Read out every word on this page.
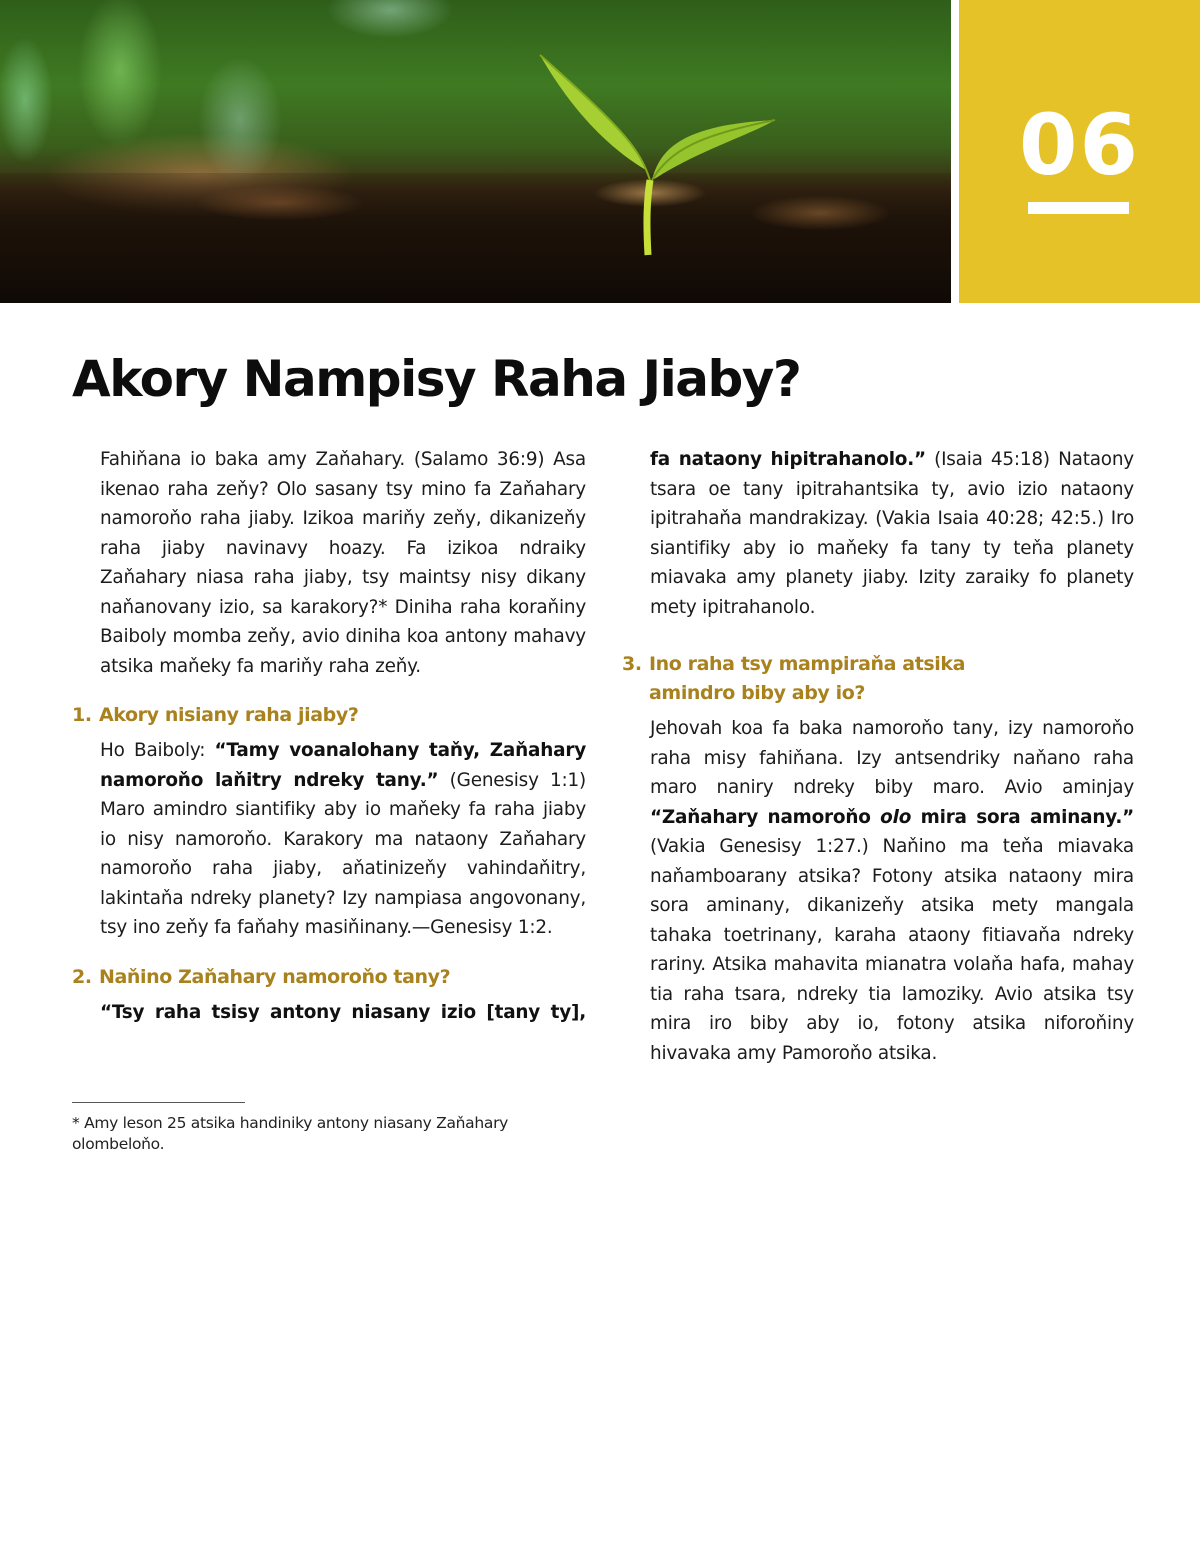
06
Akory Nampisy Raha Jiaby?

Fahiňana io baka amy Zaňahary. (Salamo 36:9) Asa ikenao raha zeňy? Olo sasany tsy mino fa Zaňahary namoroňo raha jiaby. Izikoa mariňy zeňy, dikanizeňy raha jiaby navinavy hoazy. Fa izikoa ndraiky Zaňahary niasa raha jiaby, tsy maintsy nisy dikany naňanovany izio, sa karakory?* Diniha raha koraňiny Baiboly momba zeňy, avio diniha koa antony mahavy atsika maňeky fa mariňy raha zeňy.

1. Akory nisiany raha jiaby?

Ho Baiboly: “Tamy voanalohany taňy, Zaňahary namoroňo laňitry ndreky tany.” (Genesisy 1:1) Maro amindro siantifiky aby io maňeky fa raha jiaby io nisy namoroňo. Karakory ma nataony Zaňahary namoroňo raha jiaby, aňatinizeňy vahindaňitry, lakintaňa ndreky planety? Izy nampiasa angovonany, tsy ino zeňy fa faňahy masiňinany.—Genesisy 1:2.

2. Naňino Zaňahary namoroňo tany?

“Tsy raha tsisy antony niasany izio [tany ty],

* Amy leson 25 atsika handiniky antony niasany Zaňahary olombeloňo.

fa nataony hipitrahanolo.” (Isaia 45:18) Nataony tsara oe tany ipitrahantsika ty, avio izio nataony ipitrahaňa mandrakizay. (Vakia Isaia 40:28; 42:5.) Iro siantifiky aby io maňeky fa tany ty teňa planety miavaka amy planety jiaby. Izity zaraiky fo planety mety ipitrahanolo.

3. Ino raha tsy mampiraňa atsika amindro biby aby io?

Jehovah koa fa baka namoroňo tany, izy namoroňo raha misy fahiňana. Izy antsendriky naňano raha maro naniry ndreky biby maro. Avio aminjay “Zaňahary namoroňo olo mira sora aminany.” (Vakia Genesisy 1:27.) Naňino ma teňa miavaka naňamboarany atsika? Fotony atsika nataony mira sora aminany, dikanizeňy atsika mety mangala tahaka toetrinany, karaha ataony fitiavaňa ndreky rariny. Atsika mahavita mianatra volaňa hafa, mahay tia raha tsara, ndreky tia lamoziky. Avio atsika tsy mira iro biby aby io, fotony atsika niforoňiny hivavaka amy Pamoroňo atsika.
